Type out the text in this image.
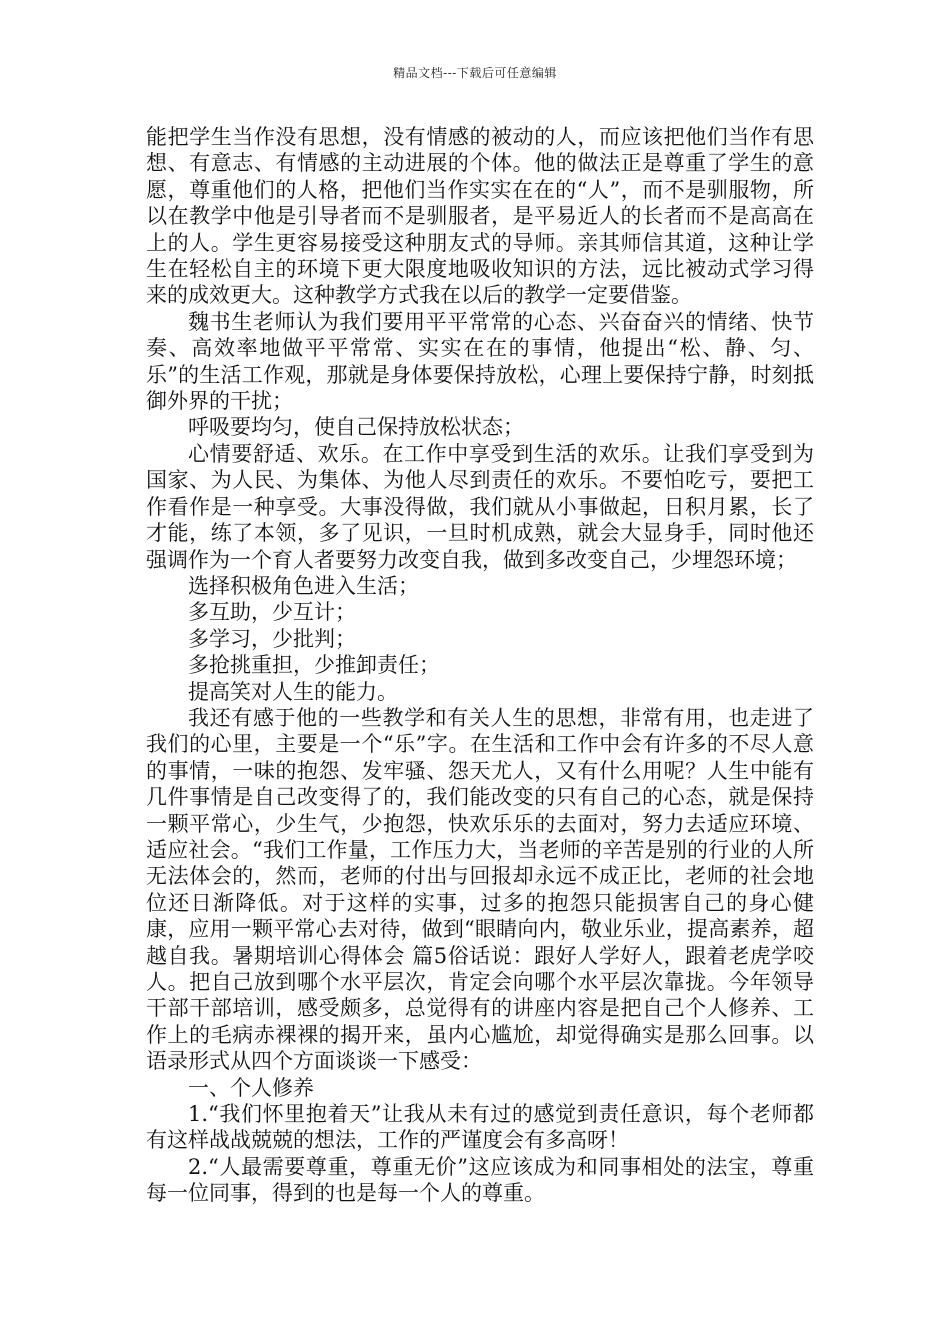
精品文档---下载后可任意编辑

能把学生当作没有思想，没有情感的被动的人，而应该把他们当作有思想、有意志、有情感的主动进展的个体。他的做法正是尊重了学生的意愿，尊重他们的人格，把他们当作实实在在的“人”，而不是驯服物，所以在教学中他是引导者而不是驯服者，是平易近人的长者而不是高高在上的人。学生更容易接受这种朋友式的导师。亲其师信其道，这种让学生在轻松自主的环境下更大限度地吸收知识的方法，远比被动式学习得来的成效更大。这种教学方式我在以后的教学一定要借鉴。

魏书生老师认为我们要用平平常常的心态、兴奋奋兴的情绪、快节奏、高效率地做平平常常、实实在在的事情，他提出“松、静、匀、乐”的生活工作观，那就是身体要保持放松，心理上要保持宁静，时刻抵御外界的干扰；

呼吸要均匀，使自己保持放松状态；

心情要舒适、欢乐。在工作中享受到生活的欢乐。让我们享受到为国家、为人民、为集体、为他人尽到责任的欢乐。不要怕吃亏，要把工作看作是一种享受。大事没得做，我们就从小事做起，日积月累，长了才能，练了本领，多了见识，一旦时机成熟，就会大显身手，同时他还强调作为一个育人者要努力改变自我，做到多改变自己，少埋怨环境；

选择积极角色进入生活；

多互助，少互计；

多学习，少批判；

多抢挑重担，少推卸责任；

提高笑对人生的能力。

我还有感于他的一些教学和有关人生的思想，非常有用，也走进了我们的心里，主要是一个“乐”字。在生活和工作中会有许多的不尽人意的事情，一味的抱怨、发牢骚、怨天尤人，又有什么用呢？人生中能有几件事情是自己改变得了的，我们能改变的只有自己的心态，就是保持一颗平常心，少生气，少抱怨，快欢乐乐的去面对，努力去适应环境、适应社会。“我们工作量，工作压力大，当老师的辛苦是别的行业的人所无法体会的，然而，老师的付出与回报却永远不成正比，老师的社会地位还日渐降低。对于这样的实事，过多的抱怨只能损害自己的身心健康，应用一颗平常心去对待，做到“眼睛向内，敬业乐业，提高素养，超越自我。暑期培训心得体会 篇5俗话说：跟好人学好人，跟着老虎学咬人。把自己放到哪个水平层次，肯定会向哪个水平层次靠拢。今年领导干部干部培训，感受颇多，总觉得有的讲座内容是把自己个人修养、工作上的毛病赤裸裸的揭开来，虽内心尴尬，却觉得确实是那么回事。以语录形式从四个方面谈谈一下感受：

一、个人修养

1.“我们怀里抱着天”让我从未有过的感觉到责任意识，每个老师都有这样战战兢兢的想法，工作的严谨度会有多高呀！

2.“人最需要尊重，尊重无价”这应该成为和同事相处的法宝，尊重每一位同事，得到的也是每一个人的尊重。
